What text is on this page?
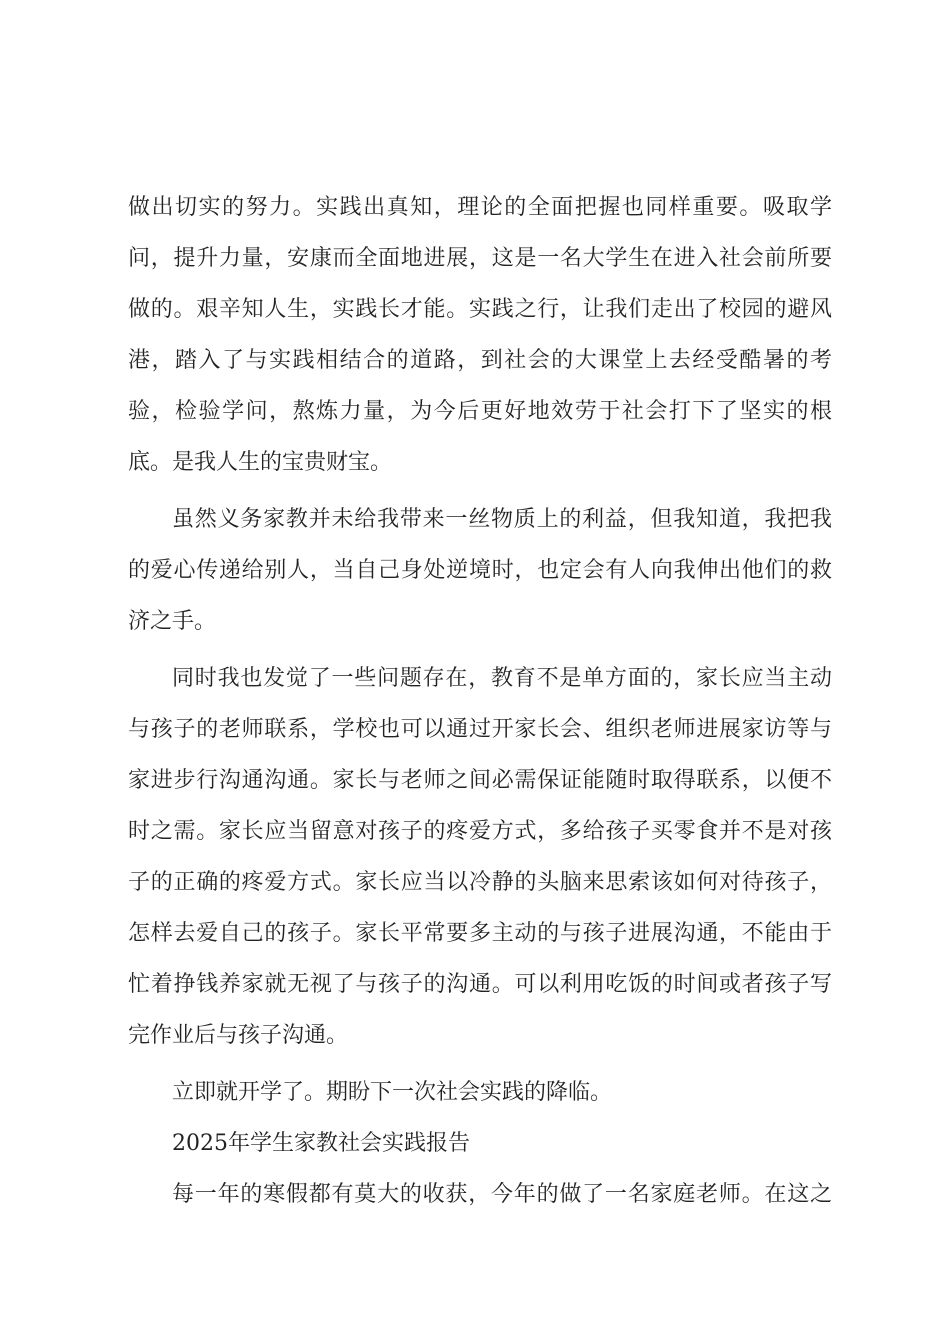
做出切实的努力。实践出真知，理论的全面把握也同样重要。吸取学
问，提升力量，安康而全面地进展，这是一名大学生在进入社会前所要
做的。艰辛知人生，实践长才能。实践之行，让我们走出了校园的避风
港，踏入了与实践相结合的道路，到社会的大课堂上去经受酷暑的考
验，检验学问，熬炼力量，为今后更好地效劳于社会打下了坚实的根
底。是我人生的宝贵财宝。
虽然义务家教并未给我带来一丝物质上的利益，但我知道，我把我
的爱心传递给别人，当自己身处逆境时，也定会有人向我伸出他们的救
济之手。
同时我也发觉了一些问题存在，教育不是单方面的，家长应当主动
与孩子的老师联系，学校也可以通过开家长会、组织老师进展家访等与
家进步行沟通沟通。家长与老师之间必需保证能随时取得联系，以便不
时之需。家长应当留意对孩子的疼爱方式，多给孩子买零食并不是对孩
子的正确的疼爱方式。家长应当以冷静的头脑来思索该如何对待孩子，
怎样去爱自己的孩子。家长平常要多主动的与孩子进展沟通，不能由于
忙着挣钱养家就无视了与孩子的沟通。可以利用吃饭的时间或者孩子写
完作业后与孩子沟通。
立即就开学了。期盼下一次社会实践的降临。
2025年学生家教社会实践报告
每一年的寒假都有莫大的收获，今年的做了一名家庭老师。在这之
